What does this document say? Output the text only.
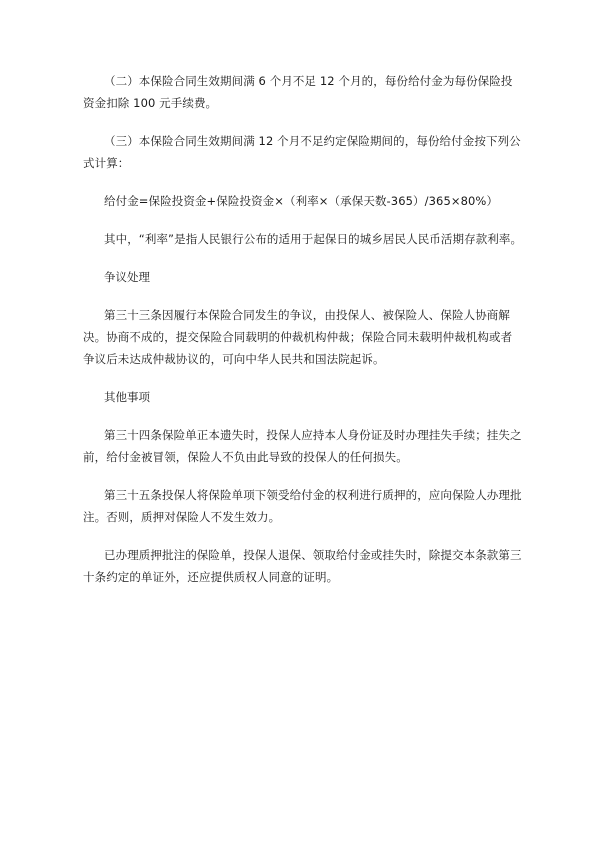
（二）本保险合同生效期间满 6 个月不足 12 个月的，每份给付金为每份保险投资金扣除 100 元手续费。

（三）本保险合同生效期间满 12 个月不足约定保险期间的，每份给付金按下列公式计算：

给付金=保险投资金+保险投资金×（利率×（承保天数-365）/365×80%）

其中，“利率”是指人民银行公布的适用于起保日的城乡居民人民币活期存款利率。

争议处理

第三十三条因履行本保险合同发生的争议，由投保人、被保险人、保险人协商解决。协商不成的，提交保险合同载明的仲裁机构仲裁；保险合同未载明仲裁机构或者争议后未达成仲裁协议的，可向中华人民共和国法院起诉。

其他事项

第三十四条保险单正本遗失时，投保人应持本人身份证及时办理挂失手续；挂失之前，给付金被冒领，保险人不负由此导致的投保人的任何损失。

第三十五条投保人将保险单项下领受给付金的权利进行质押的，应向保险人办理批注。否则，质押对保险人不发生效力。

已办理质押批注的保险单，投保人退保、领取给付金或挂失时，除提交本条款第三十条约定的单证外，还应提供质权人同意的证明。
